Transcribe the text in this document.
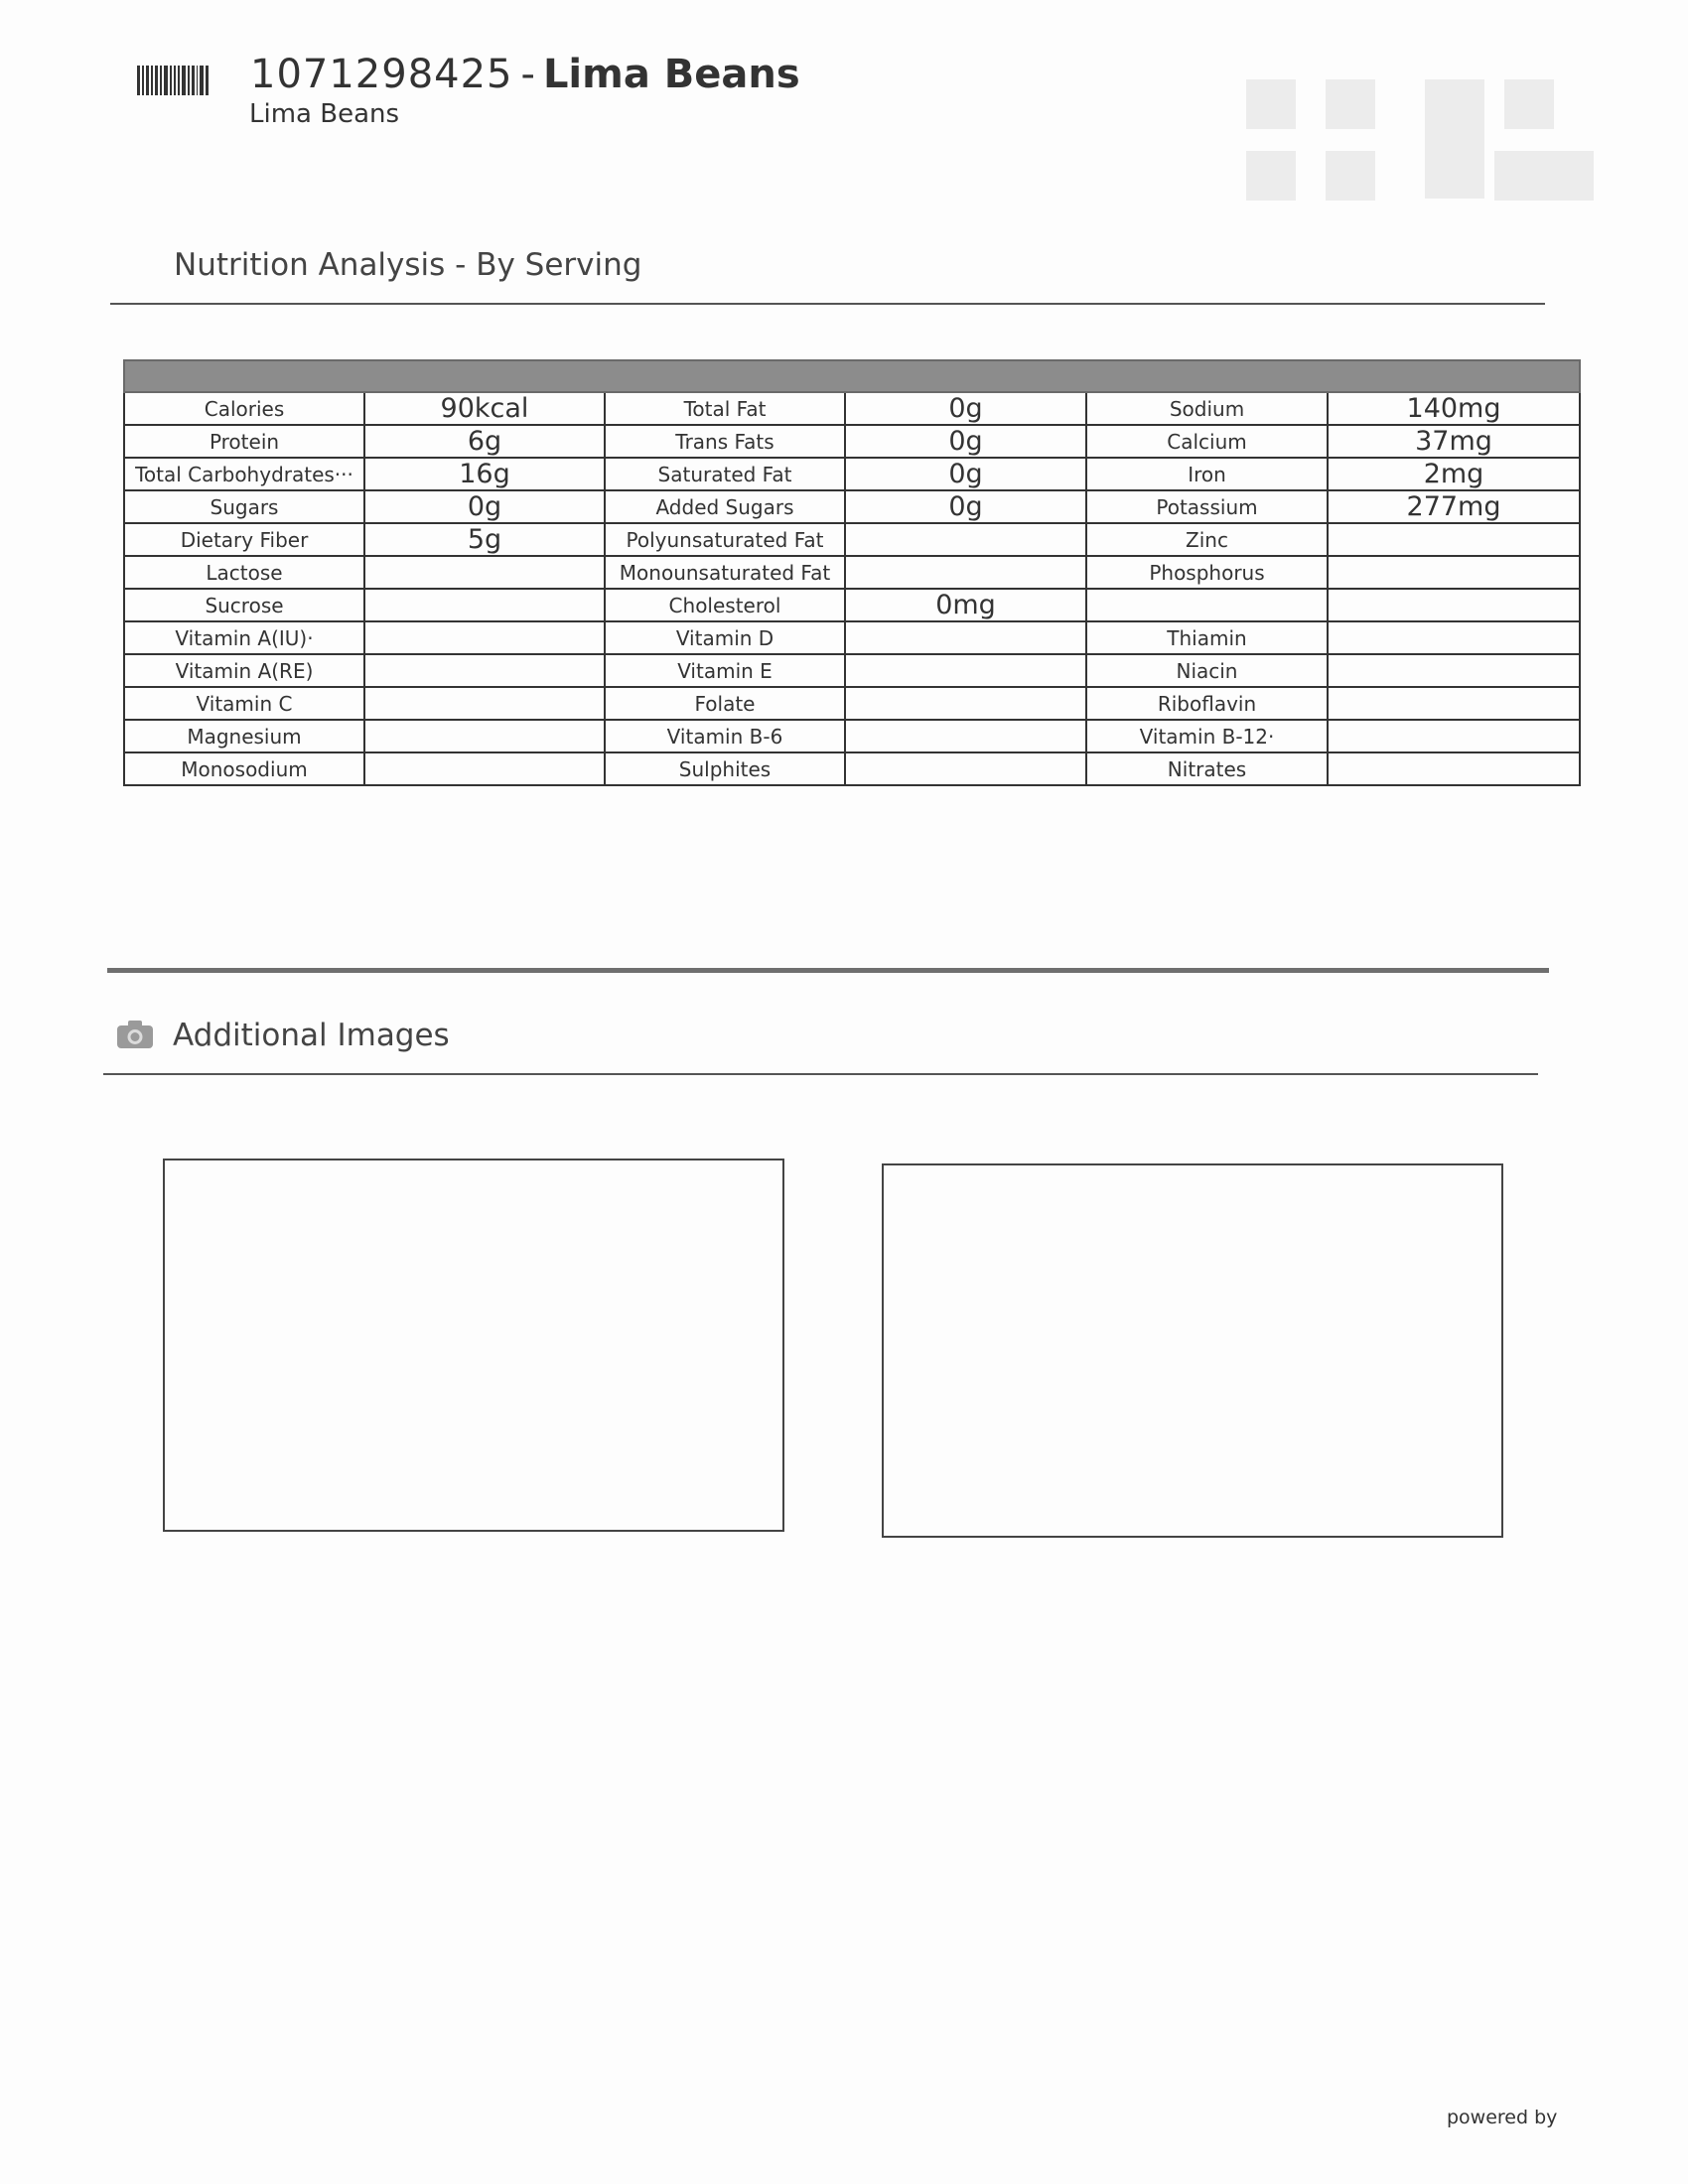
1071298425 - Lima Beans
Lima Beans
Nutrition Analysis - By Serving

Calories	90kcal	Total Fat	0g	Sodium	140mg
Protein	6g	Trans Fats	0g	Calcium	37mg
Total Carbohydrates···	16g	Saturated Fat	0g	Iron	2mg
Sugars	0g	Added Sugars	0g	Potassium	277mg
Dietary Fiber	5g	Polyunsaturated Fat		Zinc	
Lactose		Monounsaturated Fat		Phosphorus	
Sucrose		Cholesterol	0mg		
Vitamin A(IU)·		Vitamin D		Thiamin	
Vitamin A(RE)		Vitamin E		Niacin	
Vitamin C		Folate		Riboflavin	
Magnesium		Vitamin B-6		Vitamin B-12·	
Monosodium		Sulphites		Nitrates	
Additional Images
powered by
